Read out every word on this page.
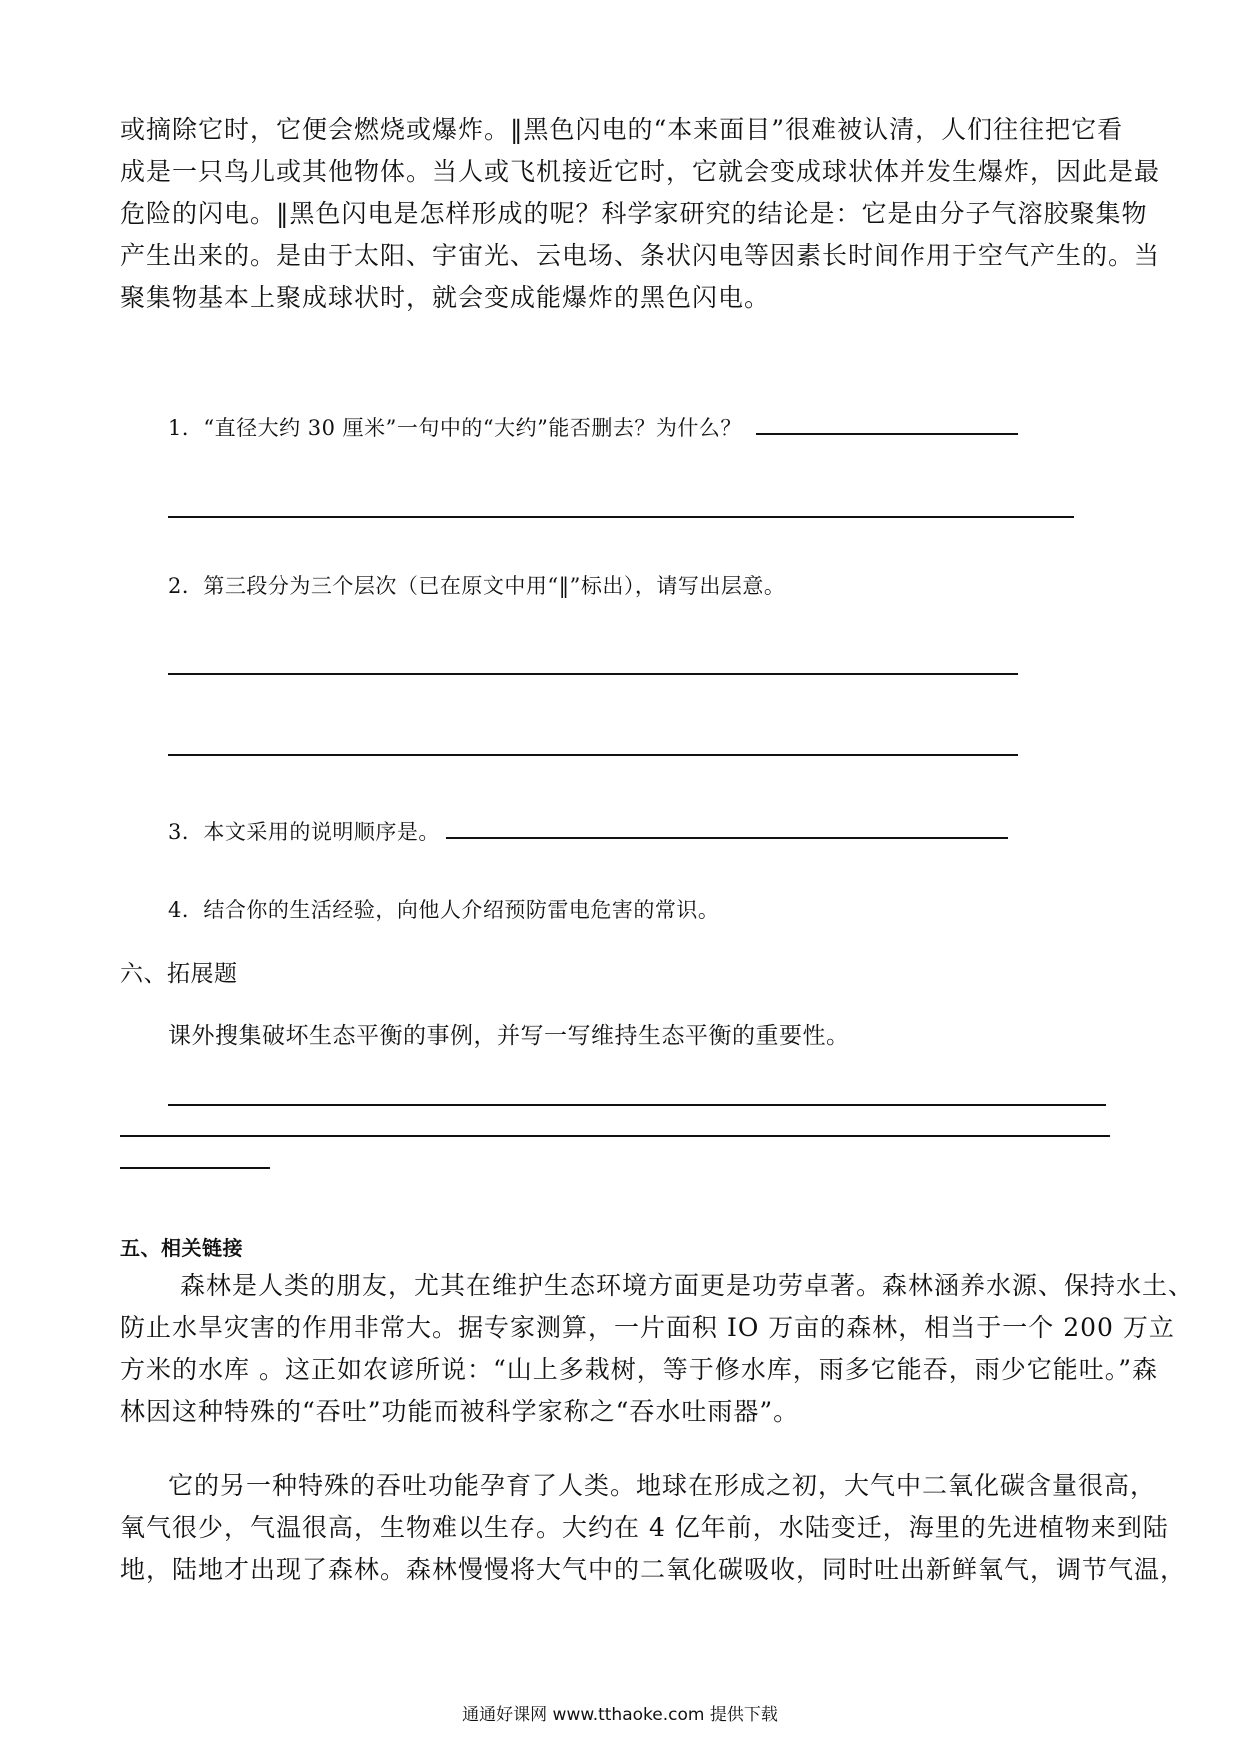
或摘除它时，它便会燃烧或爆炸。‖黑色闪电的“本来面目”很难被认清，人们往往把它看
成是一只鸟儿或其他物体。当人或飞机接近它时，它就会变成球状体并发生爆炸，因此是最
危险的闪电。‖黑色闪电是怎样形成的呢？科学家研究的结论是：它是由分子气溶胶聚集物
产生出来的。是由于太阳、宇宙光、云电场、条状闪电等因素长时间作用于空气产生的。当
聚集物基本上聚成球状时，就会变成能爆炸的黑色闪电。
1．“直径大约 30 厘米”一句中的“大约”能否删去？为什么？
2．第三段分为三个层次（已在原文中用“‖”标出），请写出层意。
3．本文采用的说明顺序是。
4．结合你的生活经验，向他人介绍预防雷电危害的常识。
六、拓展题
课外搜集破坏生态平衡的事例，并写一写维持生态平衡的重要性。
五、相关链接
森林是人类的朋友，尤其在维护生态环境方面更是功劳卓著。森林涵养水源、保持水土、
防止水旱灾害的作用非常大。据专家测算，一片面积 IO 万亩的森林，相当于一个 200 万立
方米的水库 。这正如农谚所说：“山上多栽树，等于修水库，雨多它能吞，雨少它能吐。”森
林因这种特殊的“吞吐”功能而被科学家称之“吞水吐雨器”。
它的另一种特殊的吞吐功能孕育了人类。地球在形成之初，大气中二氧化碳含量很高，
氧气很少，气温很高，生物难以生存。大约在 4 亿年前，水陆变迁，海里的先进植物来到陆
地，陆地才出现了森林。森林慢慢将大气中的二氧化碳吸收，同时吐出新鲜氧气，调节气温，
通通好课网 www.tthaoke.com 提供下载
